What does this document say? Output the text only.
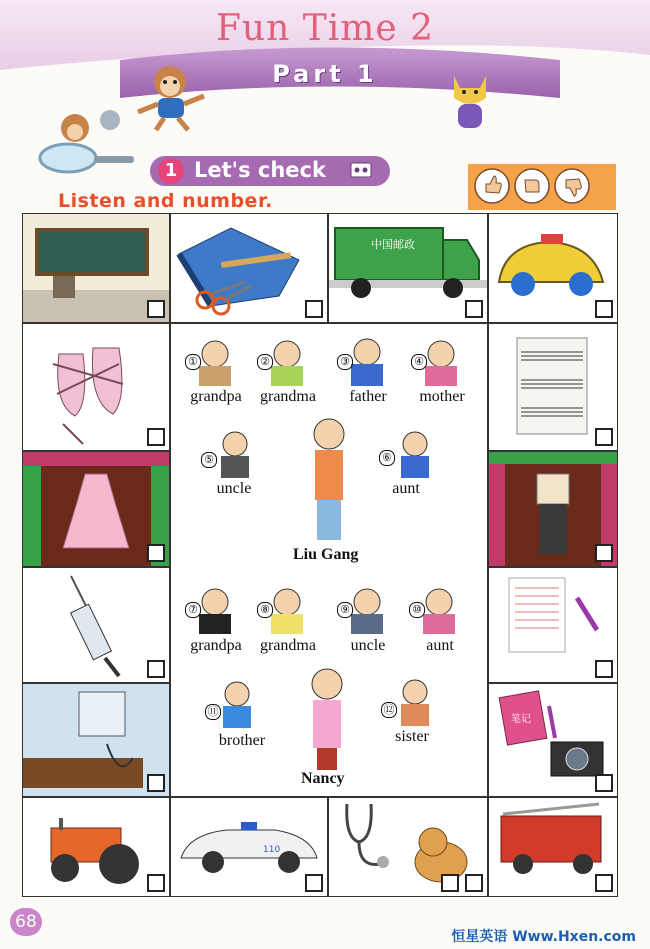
Fun Time 2
Part 1
1 Let's check
Listen and number.
中国邮政
笔记
110
grandpa	grandma	father	mother
①	②	③	④
⑤	⑥
uncle	aunt
Liu Gang
⑦	⑧	⑨	⑩
grandpa	grandma	uncle	aunt
⑪	⑫
brother	sister
Nancy
68
恒星英语 Www.Hxen.com
